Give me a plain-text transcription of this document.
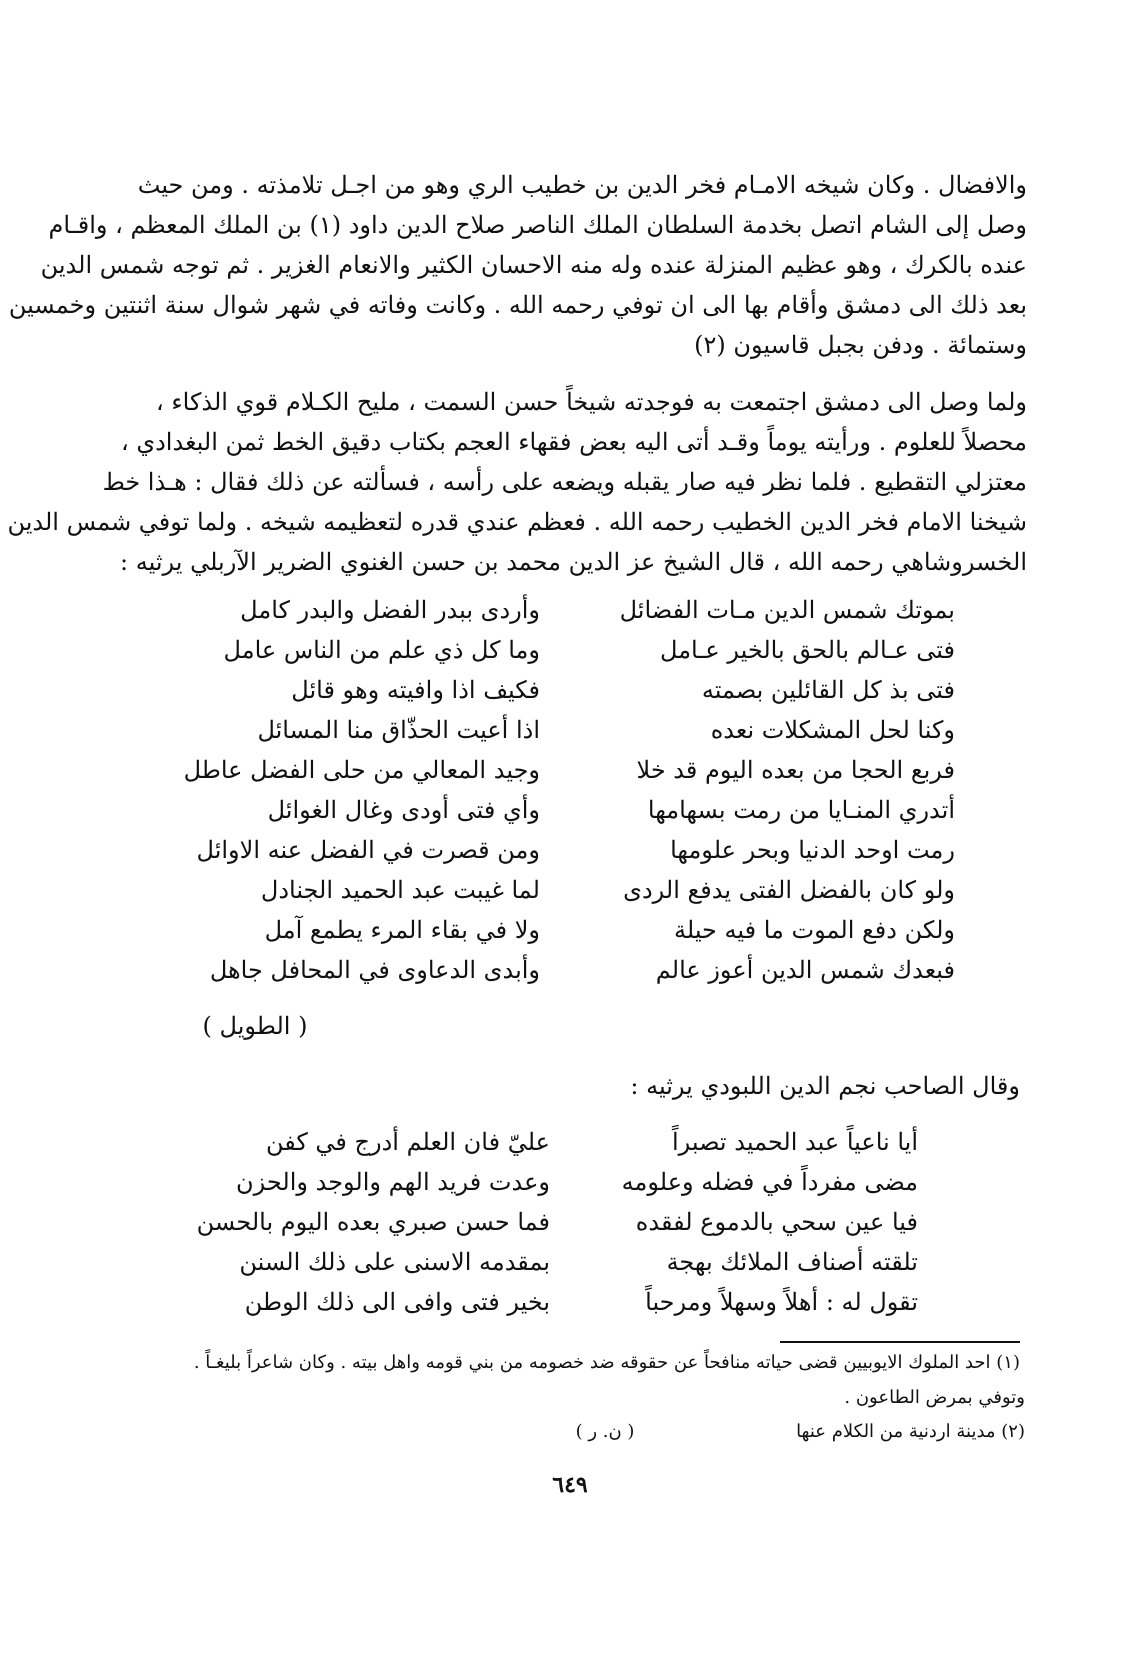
والافضال . وكان شيخه الامـام فخر الدين بن خطيب الري وهو من اجـل تلامذته . ومن حيث
وصل إلى الشام اتصل بخدمة السلطان الملك الناصر صلاح الدين داود (١) بن الملك المعظم ، واقـام
عنده بالكرك ، وهو عظيم المنزلة عنده وله منه الاحسان الكثير والانعام الغزير . ثم توجه شمس الدين
بعد ذلك الى دمشق وأقام بها الى ان توفي رحمه الله . وكانت وفاته في شهر شوال سنة اثنتين وخمسين
وستمائة . ودفن بجبل قاسيون (٢)
ولما وصل الى دمشق اجتمعت به فوجدته شيخاً حسن السمت ، مليح الكـلام قوي الذكاء ،
محصلاً للعلوم . ورأيته يوماً وقـد أتى اليه بعض فقهاء العجم بكتاب دقيق الخط ثمن البغدادي ،
معتزلي التقطيع . فلما نظر فيه صار يقبله ويضعه على رأسه ، فسألته عن ذلك فقال : هـذا خط
شيخنا الامام فخر الدين الخطيب رحمه الله . فعظم عندي قدره لتعظيمه شيخه . ولما توفي شمس الدين
الخسروشاهي رحمه الله ، قال الشيخ عز الدين محمد بن حسن الغنوي الضرير الآربلي يرثيه :
بموتك شمس الدين مـات الفضائل
وأردى ببدر الفضل والبدر كامل
فتى عـالم بالحق بالخير عـامل
وما كل ذي علم من الناس عامل
فتى بذ كل القائلين بصمته
فكيف اذا وافيته وهو قائل
وكنا لحل المشكلات نعده
اذا أعيت الحذّاق منا المسائل
فربع الحجا من بعده اليوم قد خلا
وجيد المعالي من حلى الفضل عاطل
أتدري المنـايا من رمت بسهامها
وأي فتى أودى وغال الغوائل
رمت اوحد الدنيا وبحر علومها
ومن قصرت في الفضل عنه الاوائل
ولو كان بالفضل الفتى يدفع الردى
لما غيبت عبد الحميد الجنادل
ولكن دفع الموت ما فيه حيلة
ولا في بقاء المرء يطمع آمل
فبعدك شمس الدين أعوز عالم
وأبدى الدعاوى في المحافل جاهل
( الطويل )
وقال الصاحب نجم الدين اللبودي يرثيه :
أيا ناعياً عبد الحميد تصبراً
عليّ فان العلم أدرج في كفن
مضى مفرداً في فضله وعلومه
وعدت فريد الهم والوجد والحزن
فيا عين سحي بالدموع لفقده
فما حسن صبري بعده اليوم بالحسن
تلقته أصناف الملائك بهجة
بمقدمه الاسنى على ذلك السنن
تقول له : أهلاً وسهلاً ومرحباً
بخير فتى وافى الى ذلك الوطن
(١) احد الملوك الايوبيين قضى حياته منافحاً عن حقوقه ضد خصومه من بني قومه واهل بيته . وكان شاعراً بليغـاً .
وتوفي بمرض الطاعون .
(٢) مدينة اردنية من الكلام عنها
( ن. ر )
٦٤٩
